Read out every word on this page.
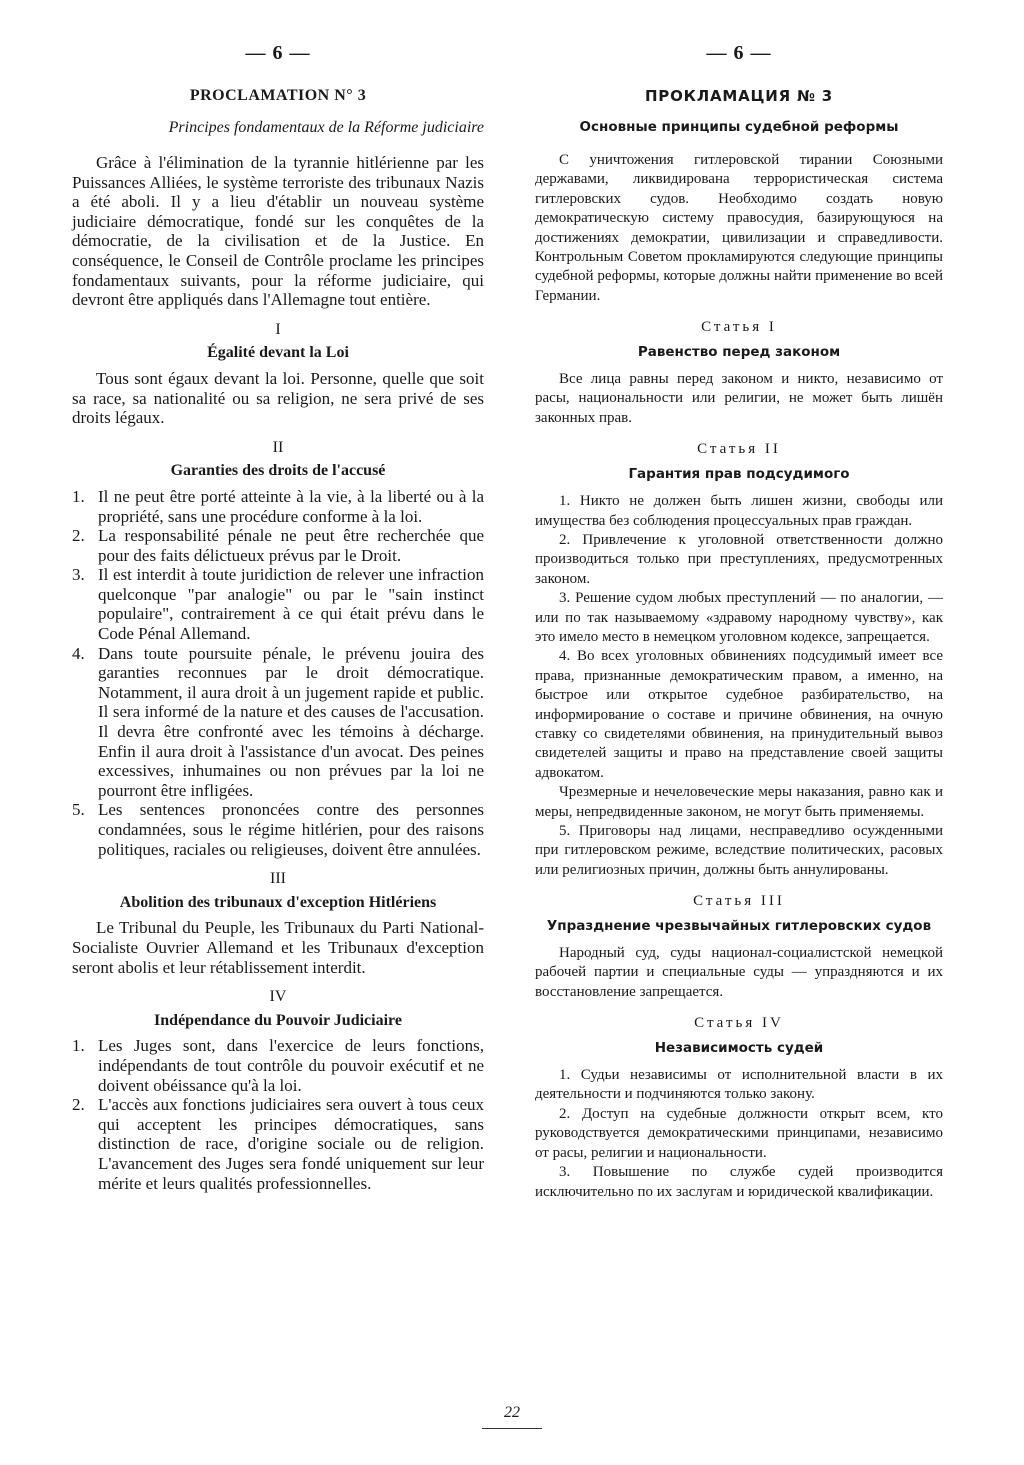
— 6 —
PROCLAMATION N° 3
Principes fondamentaux de la Réforme judiciaire

Grâce à l'élimination de la tyrannie hitlérienne par les Puissances Alliées, le système terroriste des tribunaux Nazis a été aboli. Il y a lieu d'établir un nouveau système judiciaire démocratique, fondé sur les conquêtes de la démocratie, de la civilisation et de la Justice. En conséquence, le Conseil de Contrôle proclame les principes fondamentaux suivants, pour la réforme judiciaire, qui devront être appliqués dans l'Allemagne tout entière.

I
Égalité devant la Loi

Tous sont égaux devant la loi. Personne, quelle que soit sa race, sa nationalité ou sa religion, ne sera privé de ses droits légaux.

II
Garanties des droits de l'accusé
1. Il ne peut être porté atteinte à la vie, à la liberté ou à la propriété, sans une procédure conforme à la loi.
2. La responsabilité pénale ne peut être recherchée que pour des faits délictueux prévus par le Droit.
3. Il est interdit à toute juridiction de relever une infraction quelconque "par analogie" ou par le "sain instinct populaire", contrairement à ce qui était prévu dans le Code Pénal Allemand.
4. Dans toute poursuite pénale, le prévenu jouira des garanties reconnues par le droit démocratique. Notamment, il aura droit à un jugement rapide et public. Il sera informé de la nature et des causes de l'accusation. Il devra être confronté avec les témoins à décharge. Enfin il aura droit à l'assistance d'un avocat. Des peines excessives, inhumaines ou non prévues par la loi ne pourront être infligées.
5. Les sentences prononcées contre des personnes condamnées, sous le régime hitlérien, pour des raisons politiques, raciales ou religieuses, doivent être annulées.
III
Abolition des tribunaux d'exception Hitlériens

Le Tribunal du Peuple, les Tribunaux du Parti National-Socialiste Ouvrier Allemand et les Tribunaux d'exception seront abolis et leur rétablissement interdit.

IV
Indépendance du Pouvoir Judiciaire
1. Les Juges sont, dans l'exercice de leurs fonctions, indépendants de tout contrôle du pouvoir exécutif et ne doivent obéissance qu'à la loi.
2. L'accès aux fonctions judiciaires sera ouvert à tous ceux qui acceptent les principes démocratiques, sans distinction de race, d'origine sociale ou de religion. L'avancement des Juges sera fondé uniquement sur leur mérite et leurs qualités professionnelles.
— 6 —
ПРОКЛАМАЦИЯ № 3
Основные принципы судебной реформы

С уничтожения гитлеровской тирании Союзными державами, ликвидирована террористическая система гитлеровских судов. Необходимо создать новую демократическую систему правосудия, базирующуюся на достижениях демократии, цивилизации и справедливости. Контрольным Советом прокламируются следующие принципы судебной реформы, которые должны найти применение во всей Германии.

Статья I
Равенство перед законом

Все лица равны перед законом и никто, независимо от расы, национальности или религии, не может быть лишён законных прав.

Статья II
Гарантия прав подсудимого

1. Никто не должен быть лишен жизни, свободы или имущества без соблюдения процессуальных прав граждан.

2. Привлечение к уголовной ответственности должно производиться только при преступлениях, предусмотренных законом.

3. Решение судом любых преступлений — по аналогии, — или по так называемому «здравому народному чувству», как это имело место в немецком уголовном кодексе, запрещается.

4. Во всех уголовных обвинениях подсудимый имеет все права, признанные демократическим правом, а именно, на быстрое или открытое судебное разбирательство, на информирование о составе и причине обвинения, на очную ставку со свидетелями обвинения, на принудительный вывоз свидетелей защиты и право на представление своей защиты адвокатом.

Чрезмерные и нечеловеческие меры наказания, равно как и меры, непредвиденные законом, не могут быть применяемы.

5. Приговоры над лицами, несправедливо осужденными при гитлеровском режиме, вследствие политических, расовых или религиозных причин, должны быть аннулированы.

Статья III
Упразднение чрезвычайных гитлеровских судов

Народный суд, суды национал-социалистской немецкой рабочей партии и специальные суды — упраздняются и их восстановление запрещается.

Статья IV
Независимость судей

1. Судьи независимы от исполнительной власти в их деятельности и подчиняются только закону.

2. Доступ на судебные должности открыт всем, кто руководствуется демократическими принципами, независимо от расы, религии и национальности.

3. Повышение по службе судей производится исключительно по их заслугам и юридической квалификации.

22
